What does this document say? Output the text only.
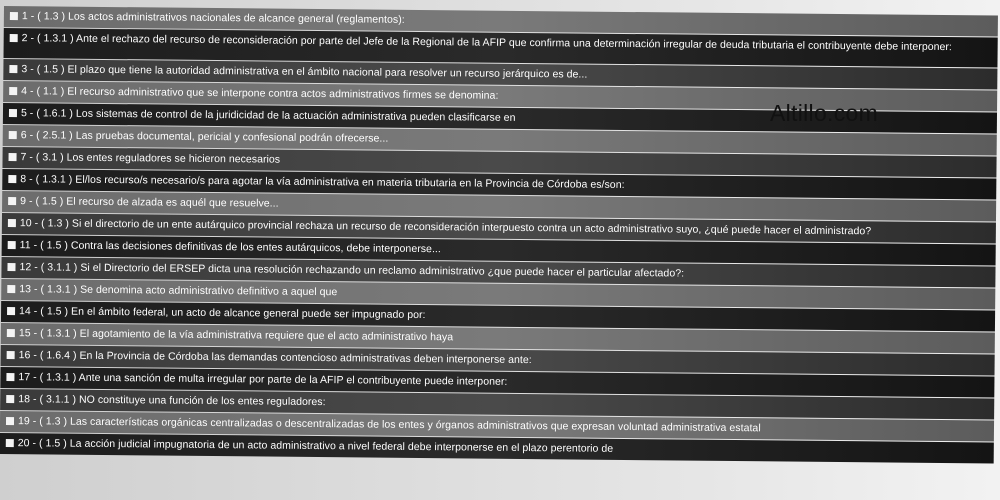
1 - ( 1.3 ) Los actos administrativos nacionales de alcance general (reglamentos):
2 - ( 1.3.1 ) Ante el rechazo del recurso de reconsideración por parte del Jefe de la Regional de la AFIP que confirma una determinación irregular de deuda tributaria el contribuyente debe interponer:
3 - ( 1.5 ) El plazo que tiene la autoridad administrativa en el ámbito nacional para resolver un recurso jerárquico es de...
4 - ( 1.1 ) El recurso administrativo que se interpone contra actos administrativos firmes se denomina:
5 - ( 1.6.1 ) Los sistemas de control de la juridicidad de la actuación administrativa pueden clasificarse en
6 - ( 2.5.1 ) Las pruebas documental, pericial y confesional podrán ofrecerse...
7 - ( 3.1 ) Los entes reguladores se hicieron necesarios
8 - ( 1.3.1 ) El/los recurso/s necesario/s para agotar la vía administrativa en materia tributaria en la Provincia de Córdoba es/son:
9 - ( 1.5 ) El recurso de alzada es aquél que resuelve...
10 - ( 1.3 ) Si el directorio de un ente autárquico provincial rechaza un recurso de reconsideración interpuesto contra un acto administrativo suyo, ¿qué puede hacer el administrado?
11 - ( 1.5 ) Contra las decisiones definitivas de los entes autárquicos, debe interponerse...
12 - ( 3.1.1 ) Si el Directorio del ERSEP dicta una resolución rechazando un reclamo administrativo ¿que puede hacer el particular afectado?:
13 - ( 1.3.1 ) Se denomina acto administrativo definitivo a aquel que
14 - ( 1.5 ) En el ámbito federal, un acto de alcance general puede ser impugnado por:
15 - ( 1.3.1 ) El agotamiento de la vía administrativa requiere que el acto administrativo haya
16 - ( 1.6.4 ) En la Provincia de Córdoba las demandas contencioso administrativas deben interponerse ante:
17 - ( 1.3.1 ) Ante una sanción de multa irregular por parte de la AFIP el contribuyente puede interponer:
18 - ( 3.1.1 ) NO constituye una función de los entes reguladores:
19 - ( 1.3 ) Las características orgánicas centralizadas o descentralizadas de los entes y órganos administrativos que expresan voluntad administrativa estatal
20 - ( 1.5 ) La acción judicial impugnatoria de un acto administrativo a nivel federal debe interponerse en el plazo perentorio de
Altillo.com
